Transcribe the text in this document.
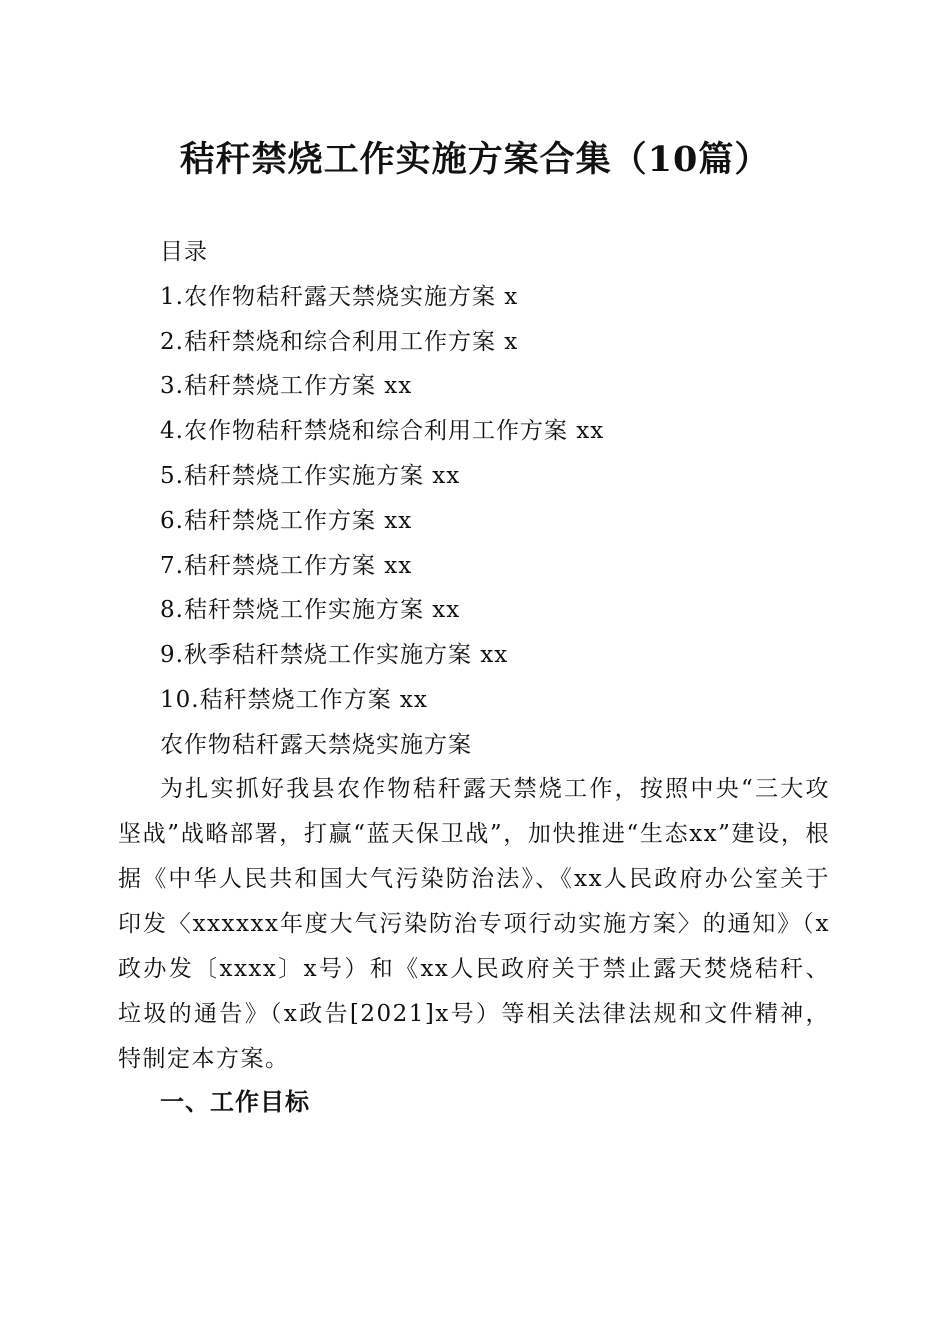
秸秆禁烧工作实施方案合集（10篇）
目录
1.农作物秸秆露天禁烧实施方案 x
2.秸秆禁烧和综合利用工作方案 x
3.秸秆禁烧工作方案 xx
4.农作物秸秆禁烧和综合利用工作方案 xx
5.秸秆禁烧工作实施方案 xx
6.秸秆禁烧工作方案 xx
7.秸秆禁烧工作方案 xx
8.秸秆禁烧工作实施方案 xx
9.秋季秸秆禁烧工作实施方案 xx
10.秸秆禁烧工作方案 xx
农作物秸秆露天禁烧实施方案

为扎实抓好我县农作物秸秆露天禁烧工作，按照中央“三大攻坚战”战略部署，打赢“蓝天保卫战”，加快推进“生态xx”建设，根据《中华人民共和国大气污染防治法》、《xx人民政府办公室关于印发〈xxxxxx年度大气污染防治专项行动实施方案〉的通知》（x政办发〔xxxx〕x号）和《xx人民政府关于禁止露天焚烧秸秆、垃圾的通告》（x政告[2021]x号）等相关法律法规和文件精神，特制定本方案。

一、工作目标
